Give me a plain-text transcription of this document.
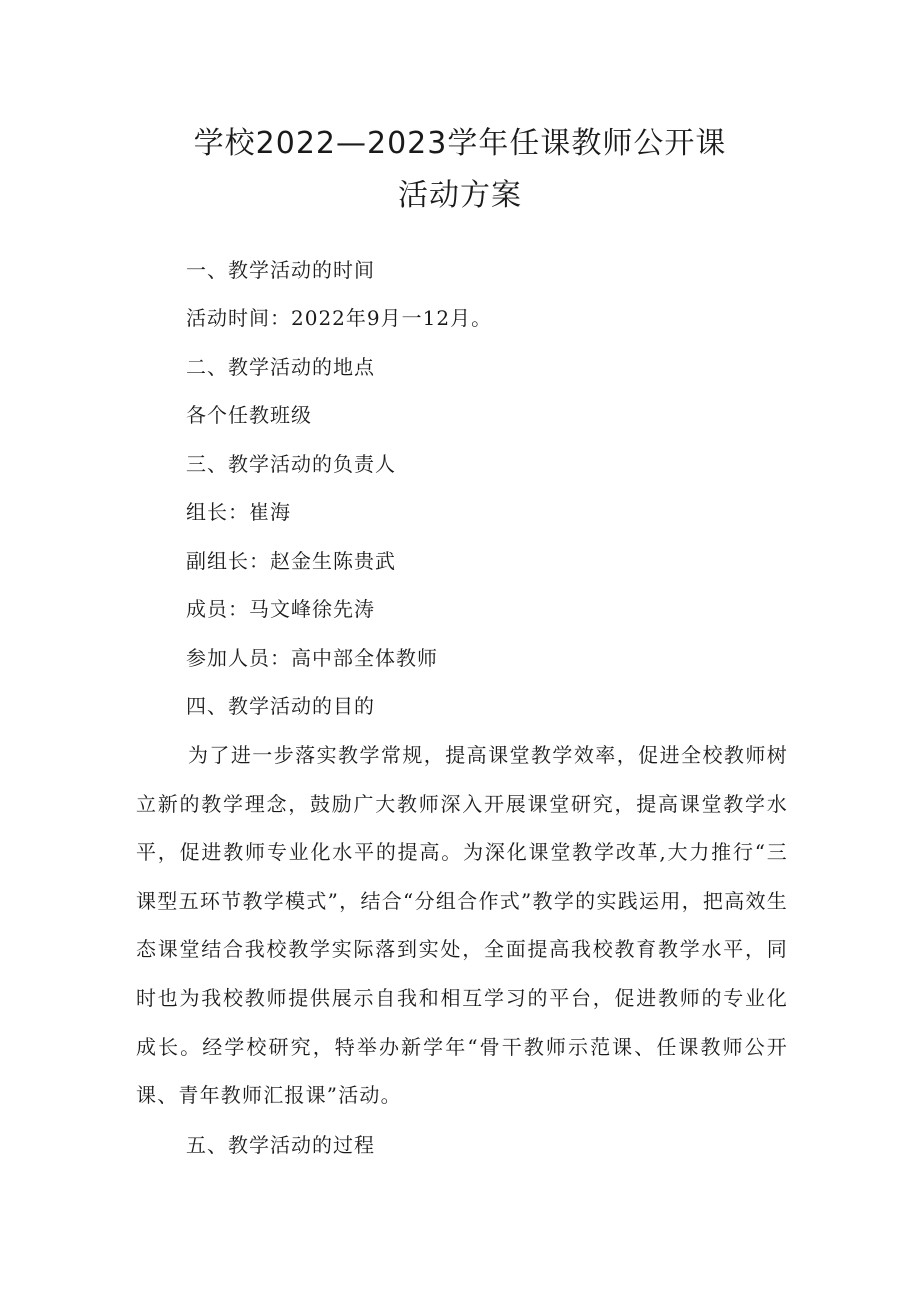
学校2022—2023学年任课教师公开课
活动方案
一、教学活动的时间
活动时间：2022年9月一12月。
二、教学活动的地点
各个任教班级
三、教学活动的负责人
组长：崔海
副组长：赵金生陈贵武
成员：马文峰徐先涛
参加人员：高中部全体教师
四、教学活动的目的

为了进一步落实教学常规，提高课堂教学效率，促进全校教师树立新的教学理念，鼓励广大教师深入开展课堂研究，提高课堂教学水平，促进教师专业化水平的提高。为深化课堂教学改革,大力推行“三课型五环节教学模式”，结合“分组合作式”教学的实践运用，把高效生态课堂结合我校教学实际落到实处，全面提高我校教育教学水平，同时也为我校教师提供展示自我和相互学习的平台，促进教师的专业化成长。经学校研究，特举办新学年“骨干教师示范课、任课教师公开课、青年教师汇报课”活动。

五、教学活动的过程
